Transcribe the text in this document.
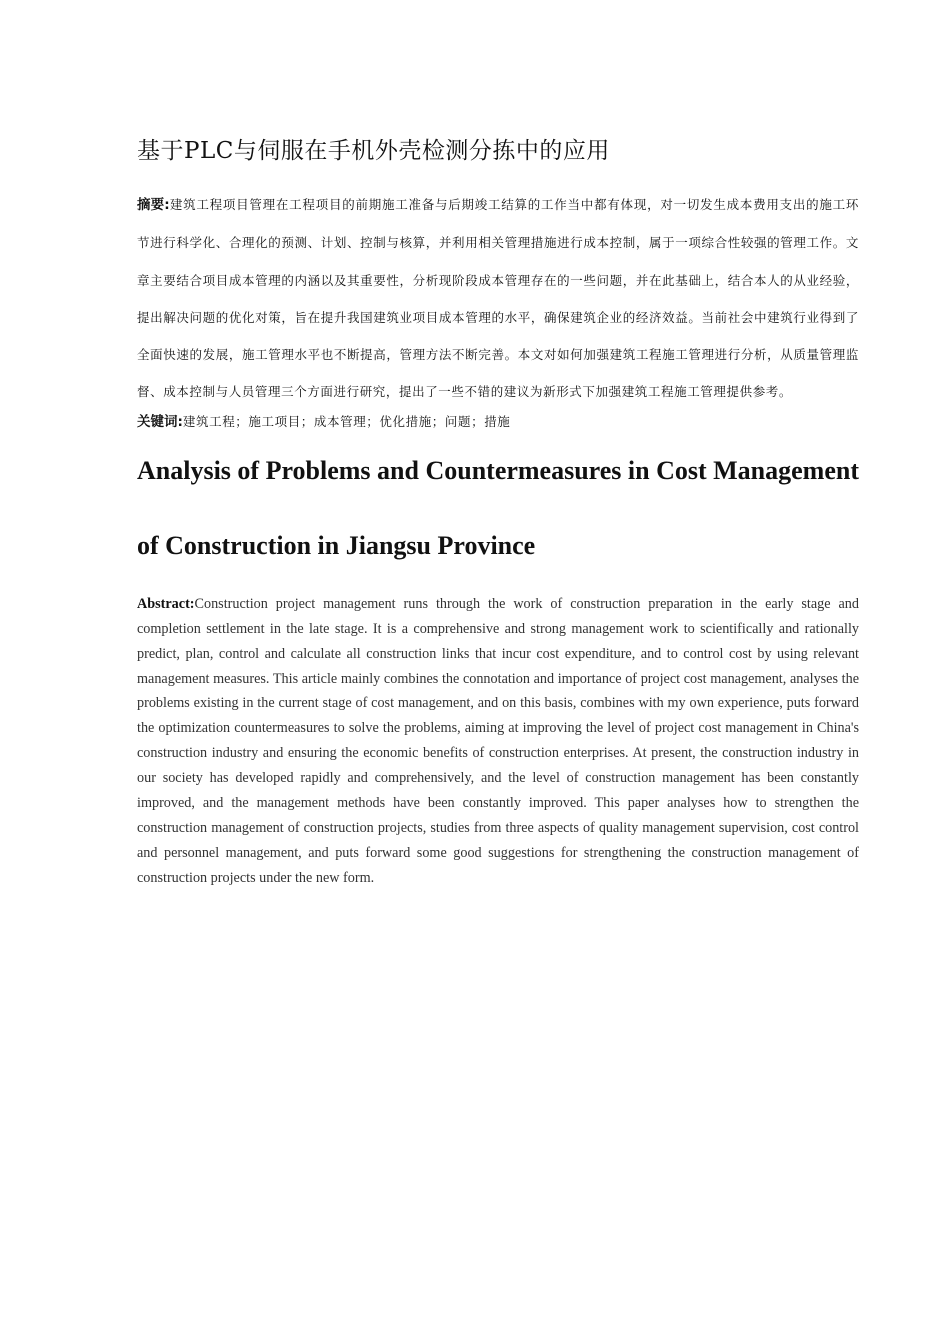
基于PLC与伺服在手机外壳检测分拣中的应用

摘要:建筑工程项目管理在工程项目的前期施工准备与后期竣工结算的工作当中都有体现，对一切发生成本费用支出的施工环节进行科学化、合理化的预测、计划、控制与核算，并利用相关管理措施进行成本控制，属于一项综合性较强的管理工作。文章主要结合项目成本管理的内涵以及其重要性，分析现阶段成本管理存在的一些问题，并在此基础上，结合本人的从业经验，提出解决问题的优化对策，旨在提升我国建筑业项目成本管理的水平，确保建筑企业的经济效益。当前社会中建筑行业得到了全面快速的发展，施工管理水平也不断提高，管理方法不断完善。本文对如何加强建筑工程施工管理进行分析，从质量管理监督、成本控制与人员管理三个方面进行研究，提出了一些不错的建议为新形式下加强建筑工程施工管理提供参考。

关键词:建筑工程；施工项目；成本管理；优化措施；问题；措施

Analysis of Problems and Countermeasures in Cost Management of Construction in Jiangsu Province

Abstract:Construction project management runs through the work of construction preparation in the early stage and completion settlement in the late stage. It is a comprehensive and strong management work to scientifically and rationally predict, plan, control and calculate all construction links that incur cost expenditure, and to control cost by using relevant management measures. This article mainly combines the connotation and importance of project cost management, analyses the problems existing in the current stage of cost management, and on this basis, combines with my own experience, puts forward the optimization countermeasures to solve the problems, aiming at improving the level of project cost management in China's construction industry and ensuring the economic benefits of construction enterprises. At present, the construction industry in our society has developed rapidly and comprehensively, and the level of construction management has been constantly improved, and the management methods have been constantly improved. This paper analyses how to strengthen the construction management of construction projects, studies from three aspects of quality management supervision, cost control and personnel management, and puts forward some good suggestions for strengthening the construction management of construction projects under the new form.
